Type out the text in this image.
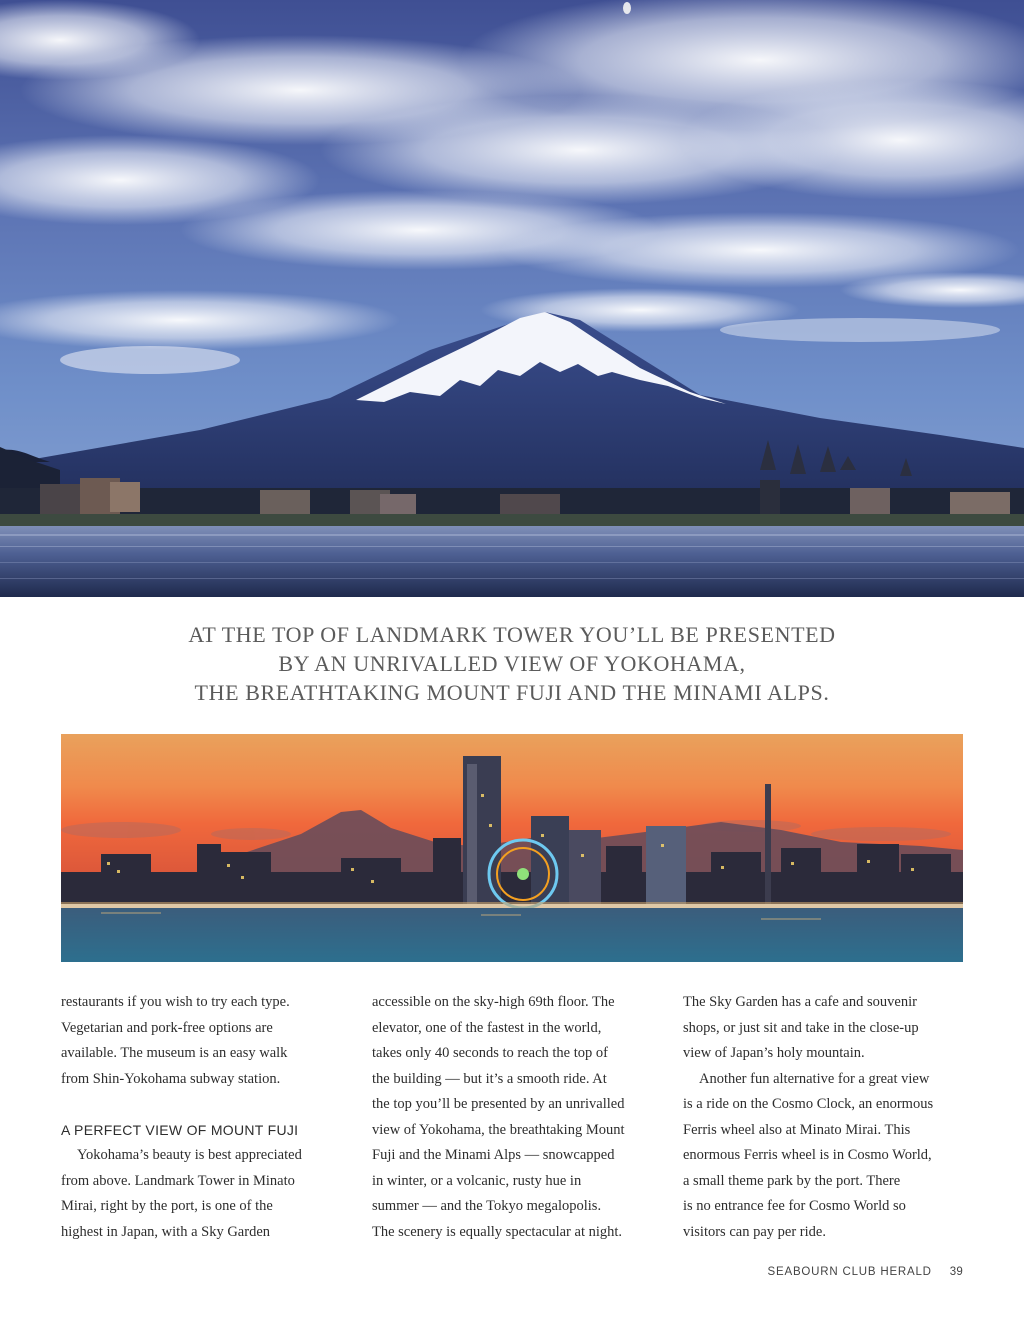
AT THE TOP OF LANDMARK TOWER YOU’LL BE PRESENTED
BY AN UNRIVALLED VIEW OF YOKOHAMA,
THE BREATHTAKING MOUNT FUJI AND THE MINAMI ALPS.
restaurants if you wish to try each type.
Vegetarian and pork-free options are
available. The museum is an easy walk
from Shin-Yokohama subway station.
A PERFECT VIEW OF MOUNT FUJI
Yokohama’s beauty is best appreciated
from above. Landmark Tower in Minato
Mirai, right by the port, is one of the
highest in Japan, with a Sky Garden
accessible on the sky-high 69th floor. The
elevator, one of the fastest in the world,
takes only 40 seconds to reach the top of
the building — but it’s a smooth ride. At
the top you’ll be presented by an unrivalled
view of Yokohama, the breathtaking Mount
Fuji and the Minami Alps — snowcapped
in winter, or a volcanic, rusty hue in
summer — and the Tokyo megalopolis.
The scenery is equally spectacular at night.
The Sky Garden has a cafe and souvenir
shops, or just sit and take in the close-up
view of Japan’s holy mountain.
Another fun alternative for a great view
is a ride on the Cosmo Clock, an enormous
Ferris wheel also at Minato Mirai. This
enormous Ferris wheel is in Cosmo World,
a small theme park by the port. There
is no entrance fee for Cosmo World so
visitors can pay per ride.
SEABOURN CLUB HERALD 39
